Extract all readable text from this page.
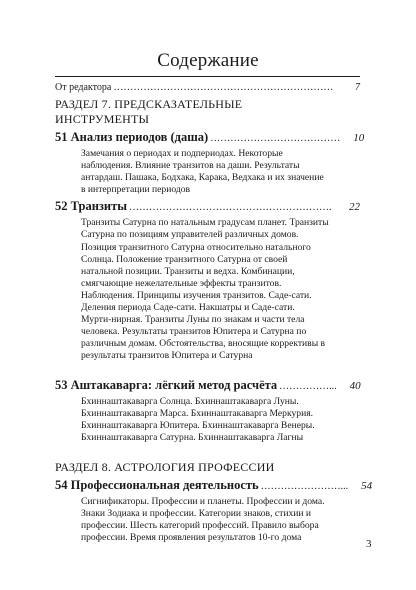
Содержание
От редактора …………………………………………………………	7
РАЗДЕЛ 7. ПРЕДСКАЗАТЕЛЬНЫЕ
ИНСТРУМЕНТЫ
51 Анализ периодов (даша) …………………………………	10
Замечания о периодах и подпериодах. Некоторые
наблюдения. Влияние транзитов на даши. Результаты
антардаш. Пашака, Бодхака, Карака, Ведхака и их значение
в интерпретации периодов
52 Транзиты …………………………………………………….	22
Транзиты Сатурна по натальным градусам планет. Транзиты
Сатурна по позициям управителей различных домов.
Позиция транзитного Сатурна относительно натального
Солнца. Положение транзитного Сатурна от своей
натальной позиции. Транзиты и ведха. Комбинации,
смягчающие нежелательные эффекты транзитов.
Наблюдения. Принципы изучения транзитов. Саде-сати.
Деления периода Саде-сати. Накшатры и Саде-сати.
Мурти-нирная. Транзиты Луны по знакам и части тела
человека. Результаты транзитов Юпитера и Сатурна по
различным домам. Обстоятельства, вносящие коррективы в
результаты транзитов Юпитера и Сатурна
53 Аштакаварга: лёгкий метод расчёта ……………...	40
Бхиннаштакаварга Солнца. Бхиннаштакаварга Луны.
Бхиннаштакаварга Марса. Бхиннаштакаварга Меркурия.
Бхиннаштакаварга Юпитера. Бхиннаштакаварга Венеры.
Бхиннаштакаварга Сатурна. Бхиннаштакаварга Лагны
РАЗДЕЛ 8. АСТРОЛОГИЯ ПРОФЕССИИ
54 Профессиональная деятельность ……………………...	54
Сигнификаторы. Профессии и планеты. Профессии и дома.
Знаки Зодиака и профессии. Категории знаков, стихии и
профессии. Шесть категорий профессий. Правило выбора
профессии. Время проявления результатов 10-го дома
3
